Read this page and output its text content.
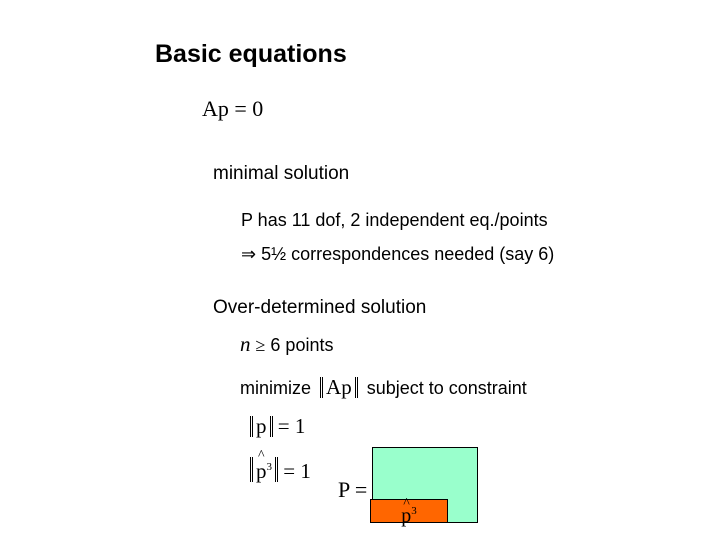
Basic equations
Ap = 0
minimal solution
P has 11 dof, 2 independent eq./points
⇒ 5½ correspondences needed (say 6)
Over-determined solution
n ≥ 6 points
minimize Ap subject to constraint
p = 1
^ $p^3 = 1$
P =
^ $p^3$
